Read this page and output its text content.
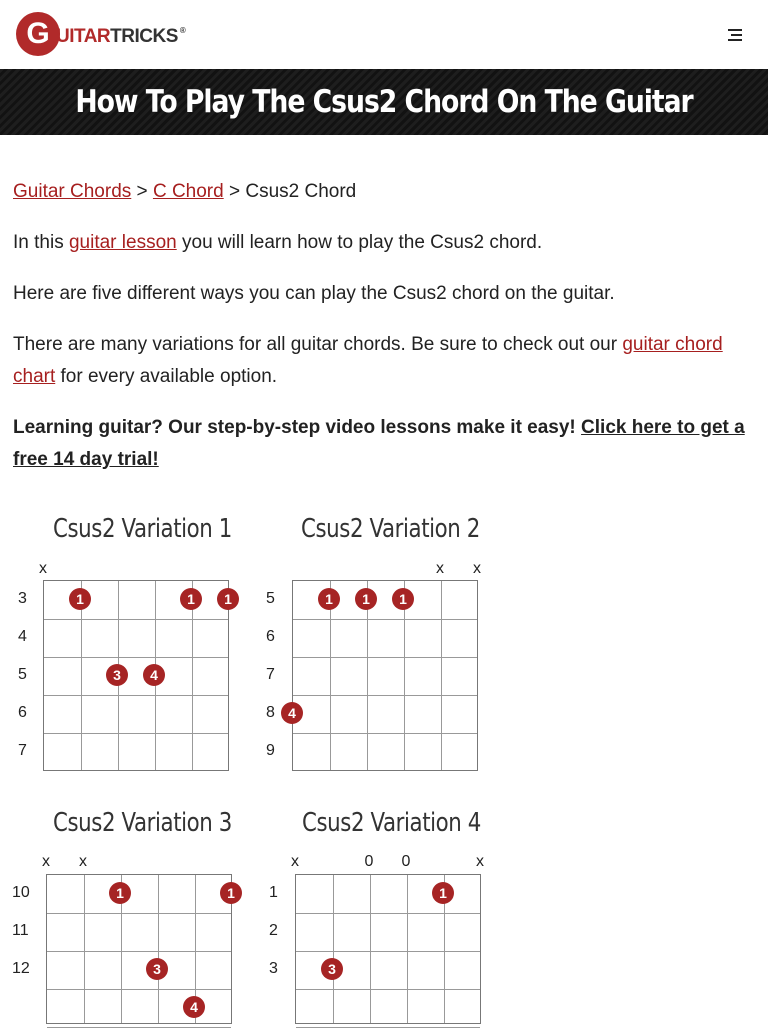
G UITARTRICKS ®
How To Play The Csus2 Chord On The Guitar

Guitar Chords > C Chord > Csus2 Chord

In this guitar lesson you will learn how to play the Csus2 chord.

Here are five different ways you can play the Csus2 chord on the guitar.

There are many variations for all guitar chords. Be sure to check out our guitar chord chart for every available option.

Learning guitar? Our step-by-step video lessons make it easy! Click here to get a free 14 day trial!

Csus2 Variation 1
3
4
5
6
7
x
1	1	1
3	4
Csus2 Variation 2
5
6
7
8
9
x x
1	1	1
4
Csus2 Variation 3
10
11
12
x x
1	1
3
4
Csus2 Variation 4
1
2
3
x	0 0	x
1
3
